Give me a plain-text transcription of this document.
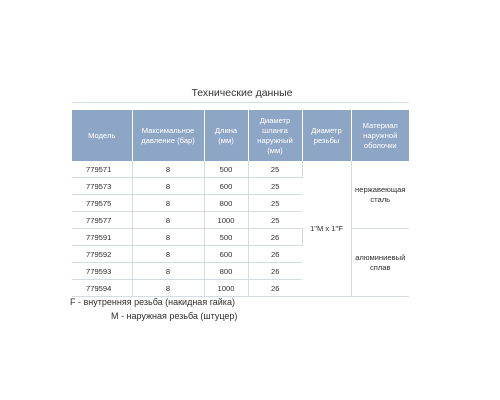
Технические данные
Модель	Максимальное давление (бар)	Длина (мм)	Диаметр шланга наружный (мм)	Диаметр резьбы	Материал наружной оболочки
779571	8	500	25	1"M x 1"F	нержавеющая сталь
779573	8	600	25		
779575	8	800	25		
779577	8	1000	25		
779591	8	500	26		алюминиевый сплав
779592	8	600	26		
779593	8	800	26		
779594	8	1000	26		
F - внутренняя резьба (накидная гайка)
M - наружная резьба (штуцер)
